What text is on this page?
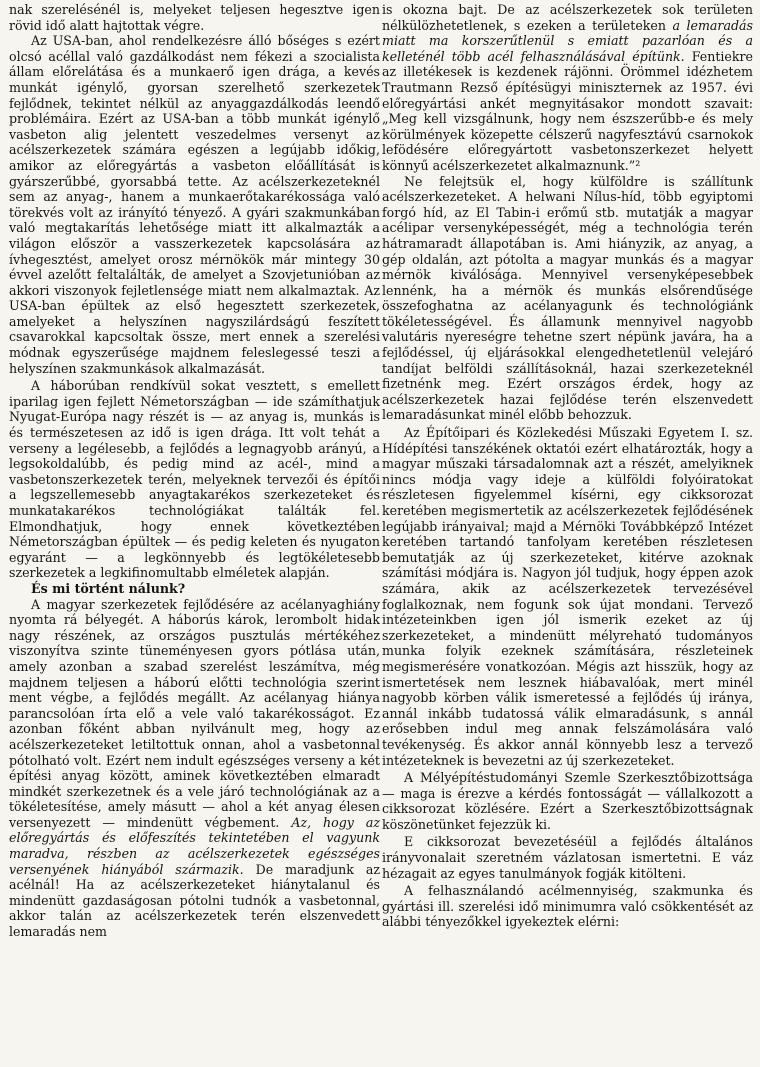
nak szerelésénél is, melyeket teljesen hegesztve igen rövid idő alatt hajtottak végre.

Az USA-ban, ahol rendelkezésre álló bőséges s ezért olcsó acéllal való gazdálkodást nem fékezi a szocialista állam előrelátása és a munkaerő igen drága, a kevés munkát igénylő, gyorsan szerelhető szerkezetek fejlődnek, tekintet nélkül az anyaggazdálkodás leendő problémáira. Ezért az USA-ban a több munkát igénylő vasbeton alig jelentett veszedelmes versenyt az acélszerkezetek számára egészen a legújabb időkig, amikor az előregyártás a vasbeton előállítását is gyárszerűbbé, gyorsabbá tette. Az acélszerkezeteknél sem az anyag-, hanem a munkaerőtakarékossága való törekvés volt az irányító tényező. A gyári szakmunkában való megtakarítás lehetősége miatt itt alkalmazták a világon először a vasszerkezetek kapcsolására az ívhegesztést, amelyet orosz mérnökök már mintegy 30 évvel azelőtt feltalálták, de amelyet a Szovjetunióban az akkori viszonyok fejletlensége miatt nem alkalmaztak. Az USA-ban épültek az első hegesztett szerkezetek, amelyeket a helyszínen nagyszilárdságú feszített csavarokkal kapcsoltak össze, mert ennek a szerelési módnak egyszerűsége majdnem feleslegessé teszi a helyszínen szakmunkások alkalmazását.

A háborúban rendkívül sokat vesztett, s emellett iparilag igen fejlett Németországban — ide számíthatjuk Nyugat-Európa nagy részét is — az anyag is, munkás is és természetesen az idő is igen drága. Itt volt tehát a verseny a legélesebb, a fejlődés a legnagyobb arányú, a legsokoldalúbb, és pedig mind az acél-, mind a vasbetonszerkezetek terén, melyeknek tervezői és építői a legszellemesebb anyagtakarékos szerkezeteket és munkatakarékos technológiákat találták fel. Elmondhatjuk, hogy ennek következtében Németországban épültek — és pedig keleten és nyugaton egyaránt — a legkönnyebb és legtökéletesebb szerkezetek a legkifinomultabb elméletek alapján.

És mi történt nálunk?

A magyar szerkezetek fejlődésére az acélanyaghiány nyomta rá bélyegét. A háborús károk, lerombolt hidak nagy részének, az országos pusztulás mértékéhez viszonyítva szinte tüneményesen gyors pótlása után, amely azonban a szabad szerelést leszámítva, még majdnem teljesen a háború előtti technológia szerint ment végbe, a fejlődés megállt. Az acélanyag hiánya parancsolóan írta elő a vele való takarékosságot. Ez azonban főként abban nyilvánult meg, hogy az acélszerkezeteket letiltottuk onnan, ahol a vasbetonnal pótolható volt. Ezért nem indult egészséges verseny a két építési anyag között, aminek következtében elmaradt mindkét szerkezetnek és a vele járó technológiának az a tökéletesítése, amely másutt — ahol a két anyag élesen versenyezett — mindenütt végbement. Az, hogy az előregyártás és előfeszítés tekintetében el vagyunk maradva, részben az acélszerkezetek egészséges versenyének hiányából származik. De maradjunk az acélnál! Ha az acélszerkezeteket hiánytalanul és mindenütt gazdaságosan pótolni tudnók a vasbetonnal, akkor talán az acélszerkezetek terén elszenvedett lemaradás nem

is okozna bajt. De az acélszerkezetek sok területen nélkülözhetetlenek, s ezeken a területeken a lemaradás miatt ma korszerűtlenül s emiatt pazarlóan és a kelleténél több acél felhasználásával építünk. Fentiekre az illetékesek is kezdenek rájönni. Örömmel idézhetem Trautmann Rezső építésügyi miniszternek az 1957. évi előregyártási ankét megnyitásakor mondott szavait: „Meg kell vizsgálnunk, hogy nem észszerűbb-e és mely körülmények közepette célszerű nagyfesztávú csarnokok lefödésére előregyártott vasbetonszerkezet helyett könnyű acélszerkezetet alkalmaznunk.”²

Ne felejtsük el, hogy külföldre is szállítunk acélszerkezeteket. A helwani Nílus-híd, több egyiptomi forgó híd, az El Tabin-i erőmű stb. mutatják a magyar acélipar versenyképességét, még a technológia terén hátramaradt állapotában is. Ami hiányzik, az anyag, a gép oldalán, azt pótolta a magyar munkás és a magyar mérnök kiválósága. Mennyivel versenyképesebbek lennénk, ha a mérnök és munkás elsőrendűsége összefoghatna az acélanyagunk és technológiánk tökéletességével. És államunk mennyivel nagyobb valutáris nyereségre tehetne szert népünk javára, ha a fejlődéssel, új eljárásokkal elengedhetetlenül velejáró tandíjat belföldi szállításoknál, hazai szerkezeteknél fizetnénk meg. Ezért országos érdek, hogy az acélszerkezetek hazai fejlődése terén elszenvedett lemaradásunkat minél előbb behozzuk.

Az Építőipari és Közlekedési Műszaki Egyetem I. sz. Hídépítési tanszékének oktatói ezért elhatározták, hogy a magyar műszaki társadalomnak azt a részét, amelyiknek nincs módja vagy ideje a külföldi folyóiratokat részletesen figyelemmel kísérni, egy cikksorozat keretében megismertetik az acélszerkezetek fejlődésének legújabb irányaival; majd a Mérnöki Továbbképző Intézet keretében tartandó tanfolyam keretében részletesen bemutatják az új szerkezeteket, kitérve azoknak számítási módjára is. Nagyon jól tudjuk, hogy éppen azok számára, akik az acélszerkezetek tervezésével foglalkoznak, nem fogunk sok újat mondani. Tervező intézeteinkben igen jól ismerik ezeket az új szerkezeteket, a mindenütt mélyreható tudományos munka folyik ezeknek számítására, részleteinek megismerésére vonatkozóan. Mégis azt hisszük, hogy az ismertetések nem lesznek hiábavalóak, mert minél nagyobb körben válik ismeretessé a fejlődés új iránya, annál inkább tudatossá válik elmaradásunk, s annál erősebben indul meg annak felszámolására való tevékenység. És akkor annál könnyebb lesz a tervező intézeteknek is bevezetni az új szerkezeteket.

A Mélyépítéstudományi Szemle Szerkesztőbizottsága — maga is érezve a kérdés fontosságát — vállalkozott a cikksorozat közlésére. Ezért a Szerkesztőbizottságnak köszönetünket fejezzük ki.

E cikksorozat bevezetéséül a fejlődés általános irányvonalait szeretném vázlatosan ismertetni. E váz hézagait az egyes tanulmányok fogják kitölteni.

A felhasználandó acélmennyiség, szakmunka és gyártási ill. szerelési idő minimumra való csökkentését az alábbi tényezőkkel igyekeztek elérni:
